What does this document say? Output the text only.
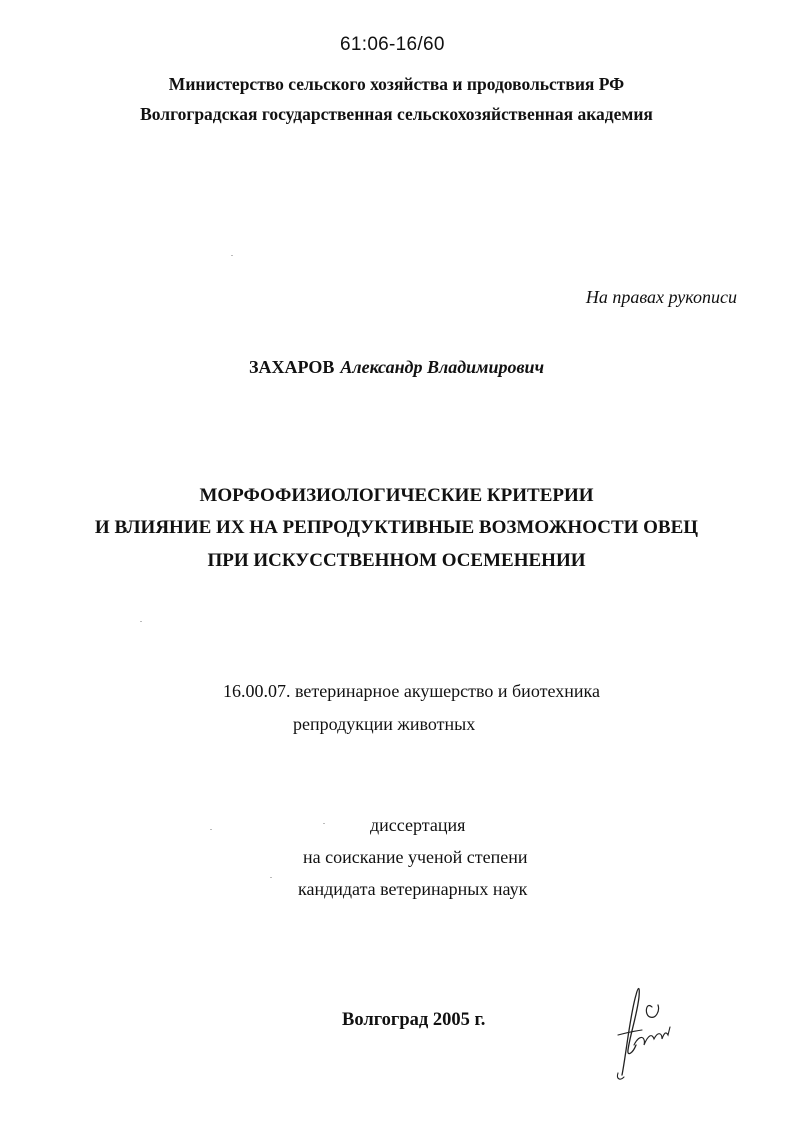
61:06-16/60
Министерство сельского хозяйства и продовольствия РФ
Волгоградская государственная сельскохозяйственная академия
На правах рукописи
ЗАХАРОВ Александр Владимирович
МОРФОФИЗИОЛОГИЧЕСКИЕ КРИТЕРИИ
И ВЛИЯНИЕ ИХ НА РЕПРОДУКТИВНЫЕ ВОЗМОЖНОСТИ ОВЕЦ
ПРИ ИСКУССТВЕННОМ ОСЕМЕНЕНИИ
16.00.07. ветеринарное акушерство и биотехника
репродукции животных
диссертация
на соискание ученой степени
кандидата ветеринарных наук
Волгоград 2005 г.
